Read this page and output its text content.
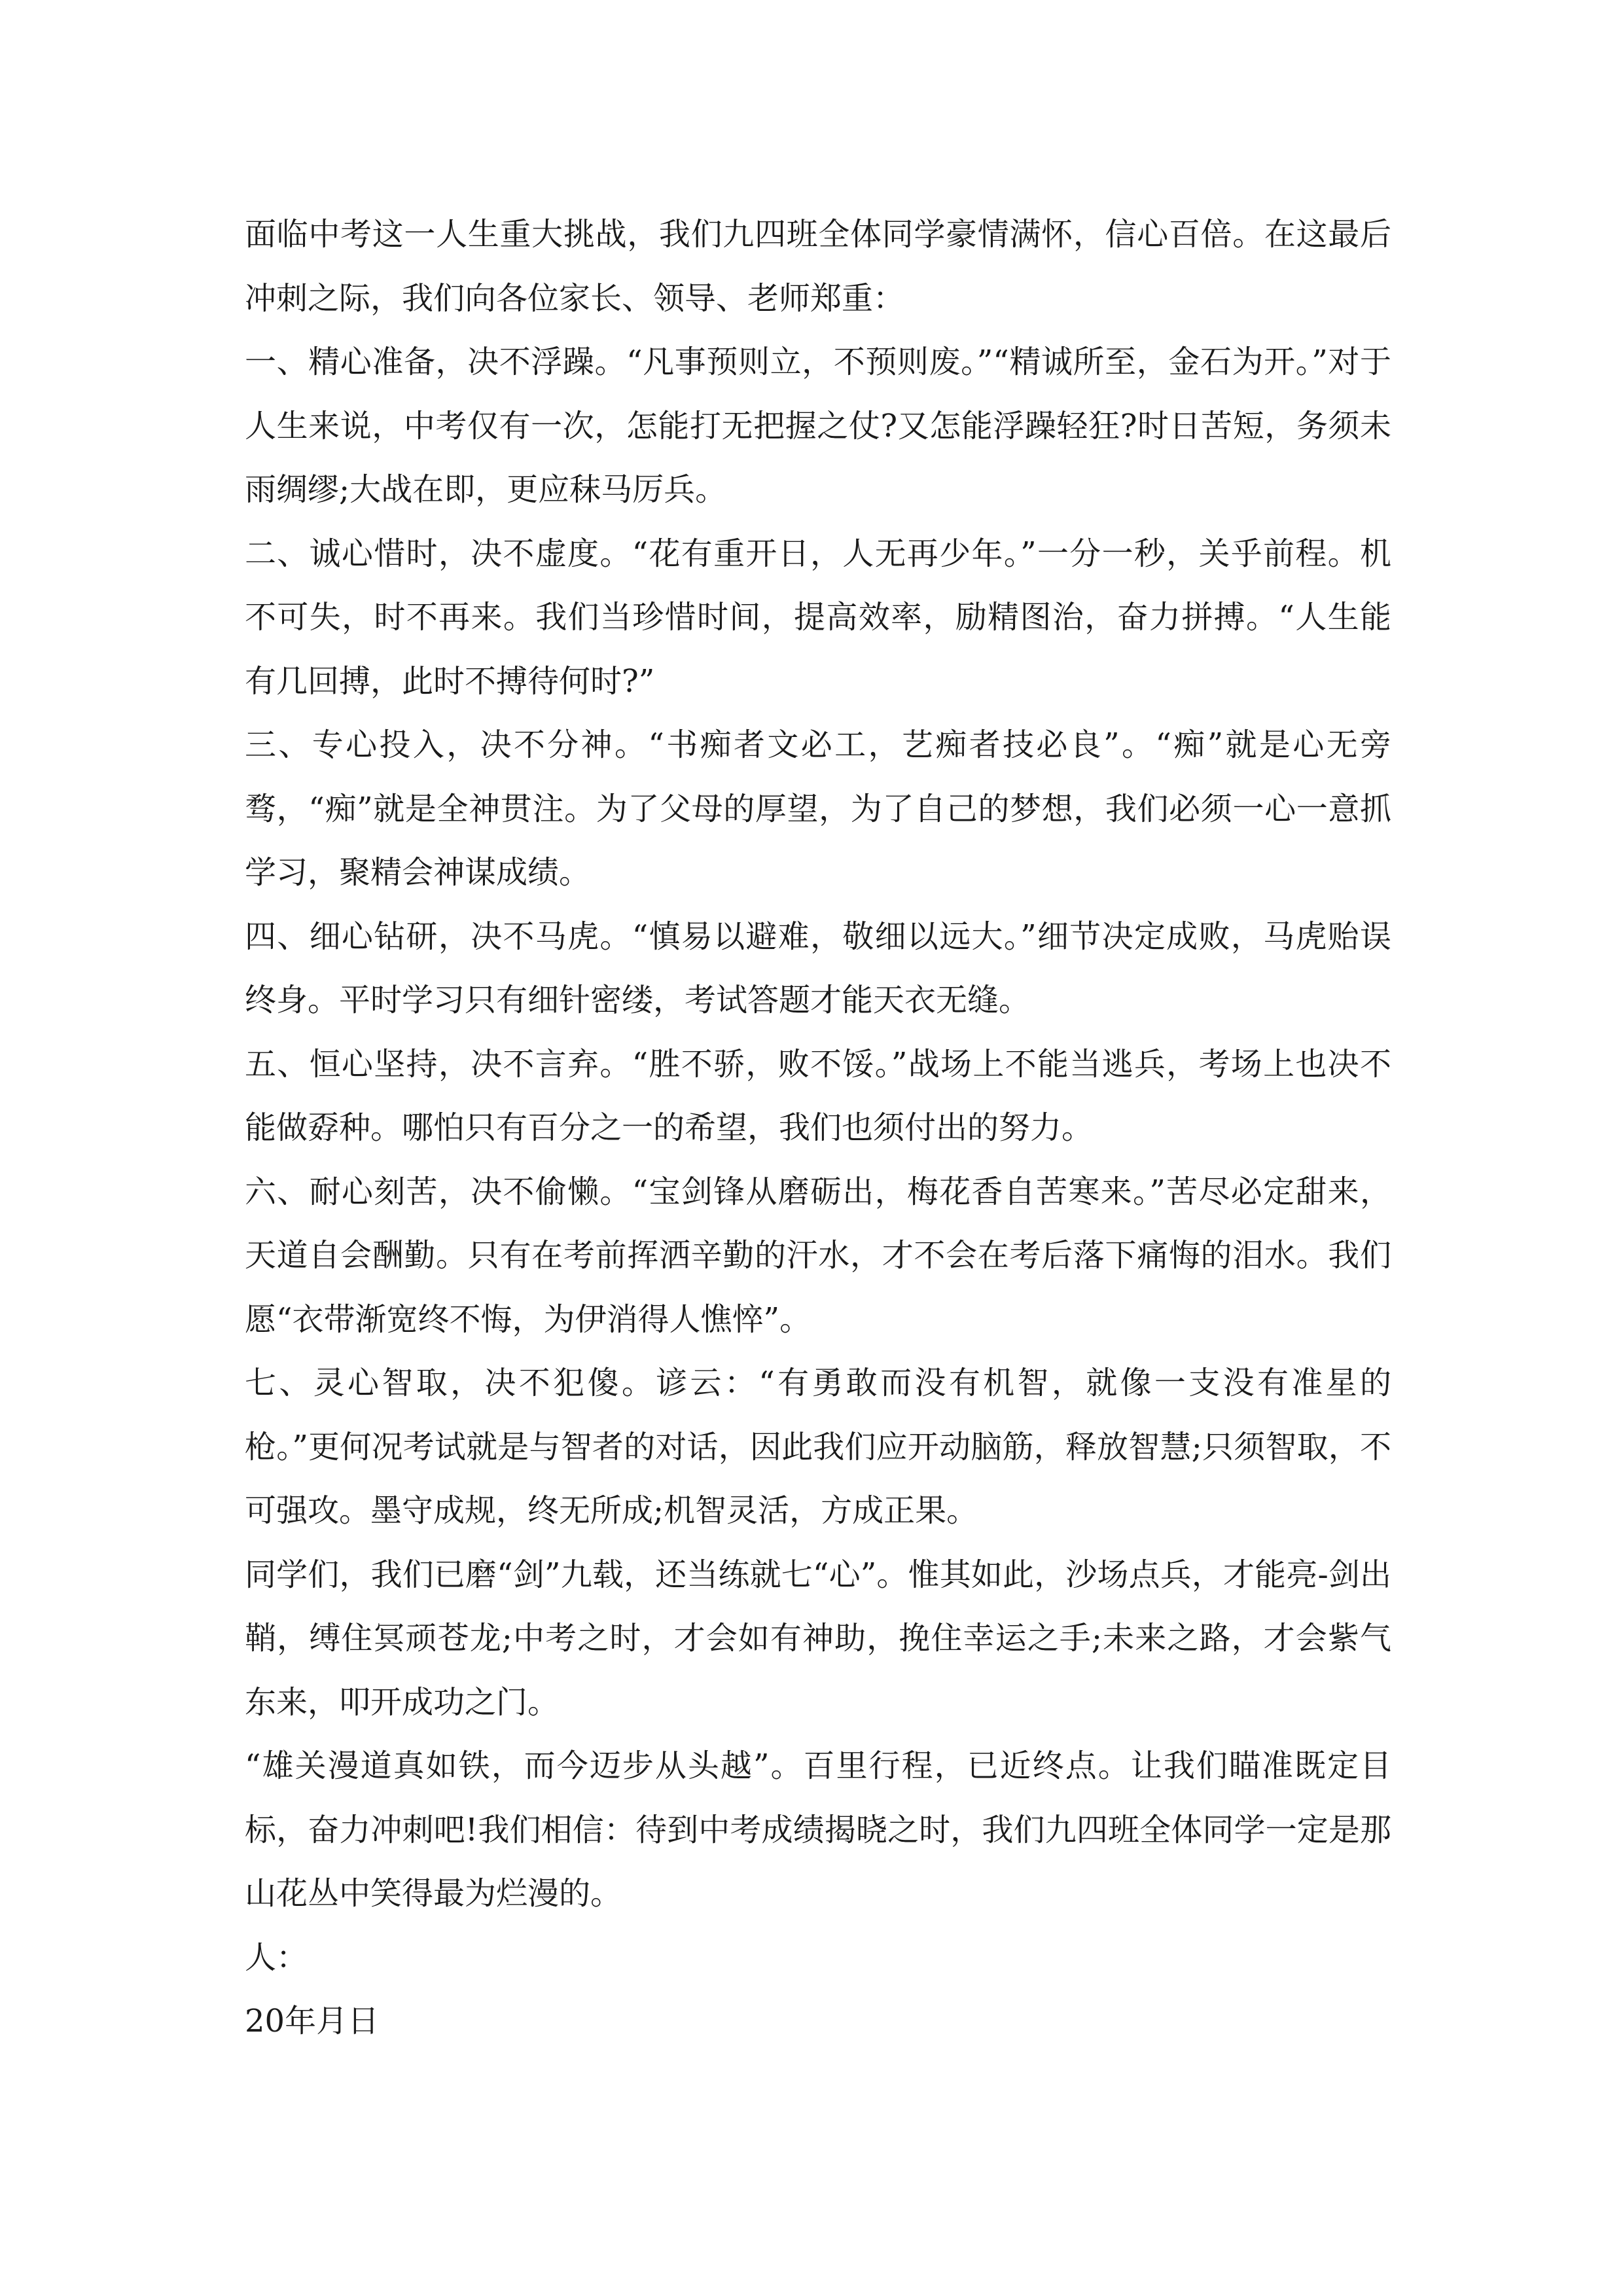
面临中考这一人生重大挑战，我们九四班全体同学豪情满怀，信心百倍。在这最后冲刺之际，我们向各位家长、领导、老师郑重：

一、精心准备，决不浮躁。“凡事预则立，不预则废。”“精诚所至，金石为开。”对于人生来说，中考仅有一次，怎能打无把握之仗?又怎能浮躁轻狂?时日苦短，务须未雨绸缪;大战在即，更应秣马厉兵。

二、诚心惜时，决不虚度。“花有重开日，人无再少年。”一分一秒，关乎前程。机不可失，时不再来。我们当珍惜时间，提高效率，励精图治，奋力拼搏。“人生能有几回搏，此时不搏待何时?”

三、专心投入，决不分神。“书痴者文必工，艺痴者技必良”。“痴”就是心无旁骛，“痴”就是全神贯注。为了父母的厚望，为了自己的梦想，我们必须一心一意抓学习，聚精会神谋成绩。

四、细心钻研，决不马虎。“慎易以避难，敬细以远大。”细节决定成败，马虎贻误终身。平时学习只有细针密缕，考试答题才能天衣无缝。

五、恒心坚持，决不言弃。“胜不骄，败不馁。”战场上不能当逃兵，考场上也决不能做孬种。哪怕只有百分之一的希望，我们也须付出的努力。

六、耐心刻苦，决不偷懒。“宝剑锋从磨砺出，梅花香自苦寒来。”苦尽必定甜来，天道自会酬勤。只有在考前挥洒辛勤的汗水，才不会在考后落下痛悔的泪水。我们愿“衣带渐宽终不悔，为伊消得人憔悴”。

七、灵心智取，决不犯傻。谚云：“有勇敢而没有机智，就像一支没有准星的枪。”更何况考试就是与智者的对话，因此我们应开动脑筋，释放智慧;只须智取，不可强攻。墨守成规，终无所成;机智灵活，方成正果。

同学们，我们已磨“剑”九载，还当练就七“心”。惟其如此，沙场点兵，才能亮-剑出鞘，缚住冥顽苍龙;中考之时，才会如有神助，挽住幸运之手;未来之路，才会紫气东来，叩开成功之门。

“雄关漫道真如铁，而今迈步从头越”。百里行程，已近终点。让我们瞄准既定目标，奋力冲刺吧!我们相信：待到中考成绩揭晓之时，我们九四班全体同学一定是那山花丛中笑得最为烂漫的。

人：

20年月日
